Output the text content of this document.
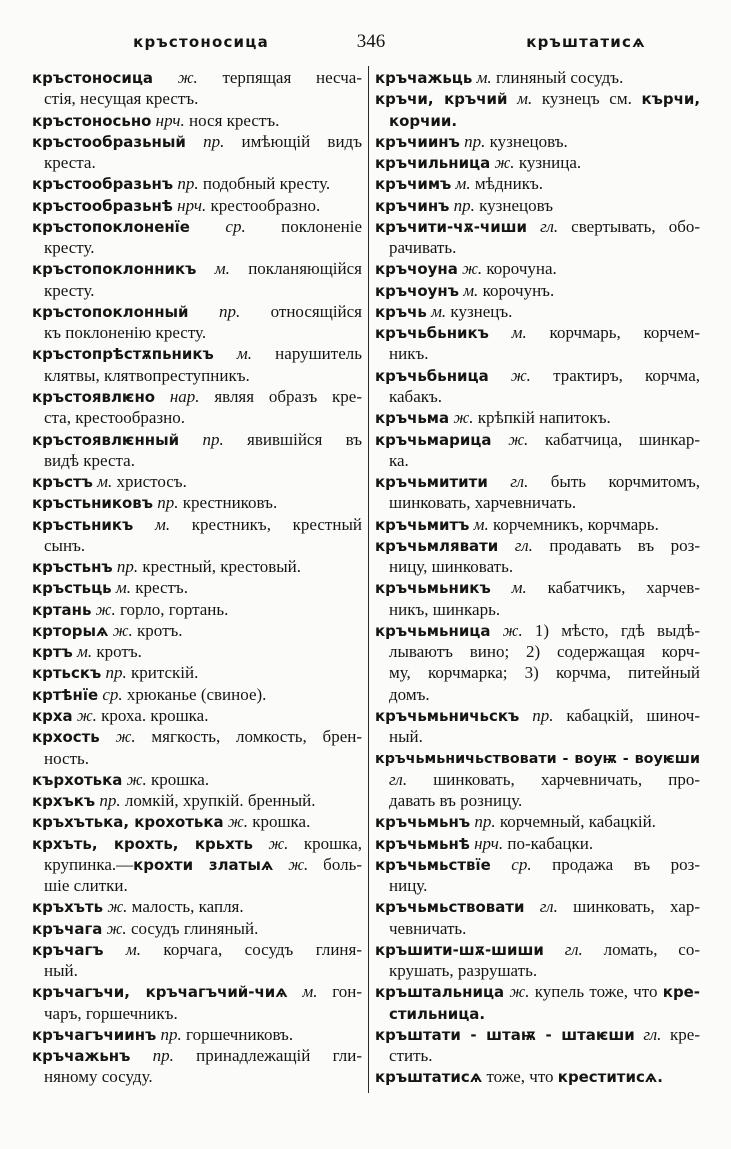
кръстоносица	346	кръштатисѧ
кръстоносица ж. терпящая несча-
стія, несущая крестъ.
кръстоносьно нрч. нося крестъ.
кръстообразьный пр. имѣющій видъ
креста.
кръстообразьнъ пр. подобный кресту.
кръстообразьнѣ нрч. крестообразно.
кръстопоклоненїе ср. поклоненіе
кресту.
кръстопоклонникъ м. покланяющійся
кресту.
кръстопоклонный пр. относящійся
къ поклоненію кресту.
кръстопрѣстѫпьникъ м. нарушитель
клятвы, клятвопреступникъ.
кръстоявлѥно нар. являя образъ кре-
ста, крестообразно.
кръстоявлѥнный пр. явившійся въ
видѣ креста.
кръстъ м. христосъ.
кръстьниковъ пр. крестниковъ.
кръстьникъ м. крестникъ, крестный
сынъ.
кръстьнъ пр. крестный, крестовый.
кръстьць м. крестъ.
кртань ж. горло, гортань.
крторыѧ ж. кротъ.
кртъ м. кротъ.
кртьскъ пр. критскій.
кртѣнїе ср. хрюканье (свиное).
крха ж. кроха. крошка.
крхость ж. мягкость, ломкость, брен-
ность.
кърхотька ж. крошка.
крхъкъ пр. ломкій, хрупкій. бренный.
кръхътька, крохотька ж. крошка.
крхъть, крохть, крьхть ж. крошка,
крупинка.—крохти златыѧ ж. боль-
шіе слитки.
кръхъть ж. малость, капля.
кръчага ж. сосудъ глиняный.
кръчагъ м. корчага, сосудъ глиня-
ный.
кръчагъчи, кръчагъчий-чиѧ м. гон-
чаръ, горшечникъ.
кръчагъчиинъ пр. горшечниковъ.
кръчажьнъ пр. принадлежащій гли-
няному сосуду.
кръчажьць м. глиняный сосудъ.
кръчи, кръчий м. кузнецъ см. кърчи,
корчии.
кръчиинъ пр. кузнецовъ.
кръчильница ж. кузница.
кръчимъ м. мѣдникъ.
кръчинъ пр. кузнецовъ
кръчити-чѫ-чиши гл. свертывать, обо-
рачивать.
кръчоуна ж. корочуна.
кръчоунъ м. корочунъ.
кръчь м. кузнецъ.
кръчьбьникъ м. корчмарь, корчем-
никъ.
кръчьбьница ж. трактиръ, корчма,
кабакъ.
кръчьма ж. крѣпкій напитокъ.
кръчьмарица ж. кабатчица, шинкар-
ка.
кръчьмитити гл. быть корчмитомъ,
шинковать, харчевничать.
кръчьмитъ м. корчемникъ, корчмарь.
кръчьмлявати гл. продавать въ роз-
ницу, шинковать.
кръчьмьникъ м. кабатчикъ, харчев-
никъ, шинкарь.
кръчьмьница ж. 1) мѣсто, гдѣ выдѣ-
лываютъ вино; 2) содержащая корч-
му, корчмарка; 3) корчма, питейный
домъ.
кръчьмьничьскъ пр. кабацкій, шиноч-
ный.
кръчьмьничьствовати - воуѭ - воуѥши
гл. шинковать, харчевничать, про-
давать въ розницу.
кръчьмьнъ пр. корчемный, кабацкій.
кръчьмьнѣ нрч. по-кабацки.
кръчьмьствїе ср. продажа въ роз-
ницу.
кръчьмьствовати гл. шинковать, хар-
чевничать.
кръшити-шѫ-шиши гл. ломать, со-
крушать, разрушать.
кръштальница ж. купель тоже, что кре-
стильница.
кръштати - штаѭ - штаѥши гл. кре-
стить.
кръштатисѧ тоже, что креститисѧ.
